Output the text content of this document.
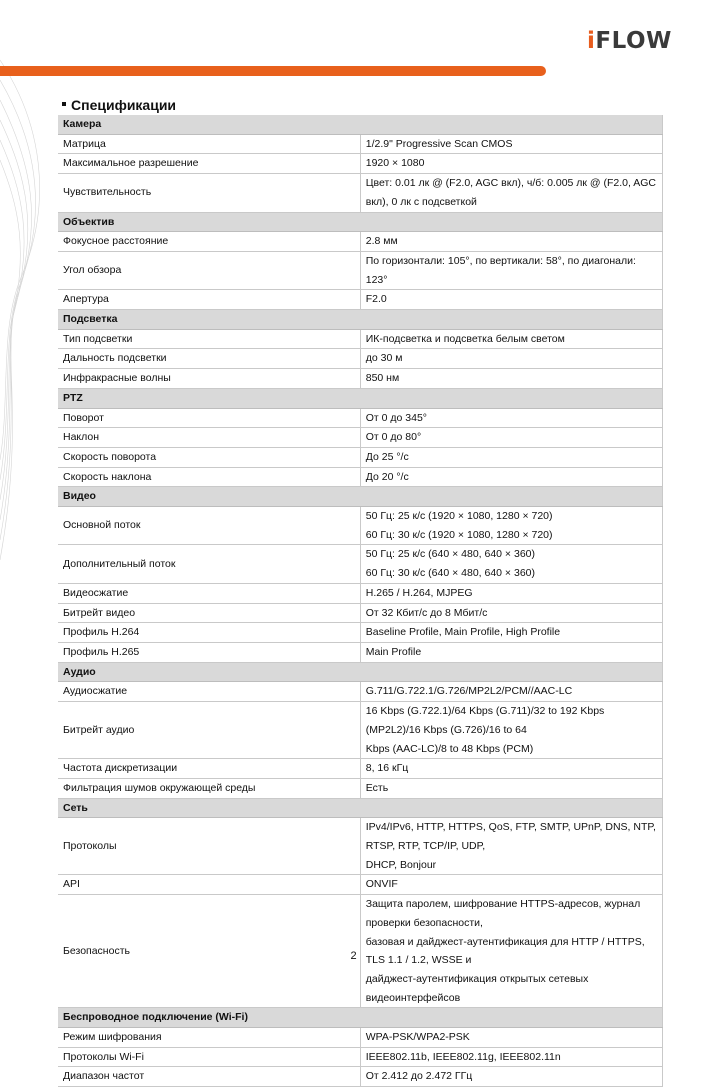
iFLOW
Спецификации
Камера	
Матрица	1/2.9" Progressive Scan CMOS

Максимальное разрешение	1920 × 1080

Чувствительность	Цвет: 0.01 лк @ (F2.0, AGC вкл), ч/б: 0.005 лк @ (F2.0, AGC вкл), 0 лк с подсветкой

Объектив	
Фокусное расстояние	2.8 мм

Угол обзора	По горизонтали: 105°, по вертикали: 58°, по диагонали: 123°

Апертура	F2.0

Подсветка	
Тип подсветки	ИК-подсветка и подсветка белым светом

Дальность подсветки	до 30 м

Инфракрасные волны	850 нм

PTZ	
Поворот	От 0 до 345°

Наклон	От 0 до 80°

Скорость поворота	До 25 °/с

Скорость наклона	До 20 °/с

Видео	
Основной поток	50 Гц: 25 к/с (1920 × 1080, 1280 × 720)
60 Гц: 30 к/с (1920 × 1080, 1280 × 720)

Дополнительный поток	50 Гц: 25 к/с (640 × 480, 640 × 360)
60 Гц: 30 к/с (640 × 480, 640 × 360)

Видеосжатие	H.265 / H.264, MJPEG

Битрейт видео	От 32 Кбит/с до 8 Мбит/с

Профиль H.264	Baseline Profile, Main Profile, High Profile

Профиль H.265	Main Profile

Аудио	
Аудиосжатие	G.711/G.722.1/G.726/MP2L2/PCM//AAC-LC

Битрейт аудио	16 Kbps (G.722.1)/64 Kbps (G.711)/32 to 192 Kbps (MP2L2)/16 Kbps (G.726)/16 to 64
Kbps (AAC-LC)/8 to 48 Kbps (PCM)

Частота дискретизации	8, 16 кГц

Фильтрация шумов окружающей среды	Есть

Сеть	
Протоколы	IPv4/IPv6, HTTP, HTTPS, QoS, FTP, SMTP, UPnP, DNS, NTP, RTSP, RTP, TCP/IP, UDP,
DHCP, Bonjour

API	ONVIF

Безопасность	Защита паролем, шифрование HTTPS-адресов, журнал проверки безопасности,
базовая и дайджест-аутентификация для HTTP / HTTPS, TLS 1.1 / 1.2, WSSE и
дайджест-аутентификация открытых сетевых видеоинтерфейсов

Беспроводное подключение (Wi-Fi)	
Режим шифрования	WPA-PSK/WPA2-PSK

Протоколы Wi-Fi	IEEE802.11b, IEEE802.11g, IEEE802.11n

Диапазон частот	От 2.412 до 2.472 ГГц
2
